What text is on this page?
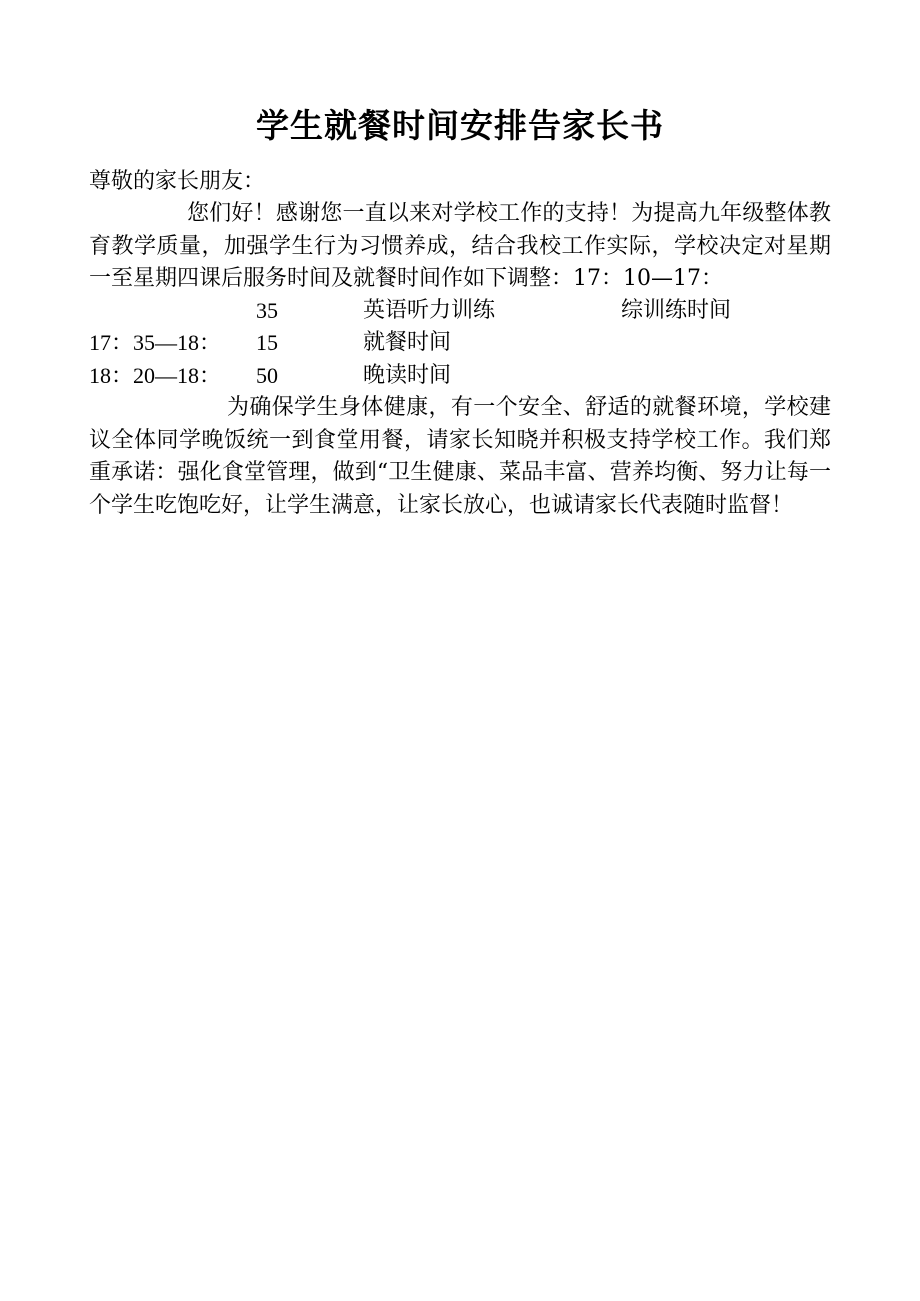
学生就餐时间安排告家长书
尊敬的家长朋友：
您们好！感谢您一直以来对学校工作的支持！为提高九年级整体教育教学质量，加强学生行为习惯养成，结合我校工作实际，学校决定对星期一至星期四课后服务时间及就餐时间作如下调整：17：10—17：
35	英语听力训练	综训练时间
17：35—18： 15	就餐时间
18：20—18： 50	晚读时间
为确保学生身体健康，有一个安全、舒适的就餐环境，学校建议全体同学晚饭统一到食堂用餐，请家长知晓并积极支持学校工作。我们郑重承诺：强化食堂管理，做到“卫生健康、菜品丰富、营养均衡、努力让每一个学生吃饱吃好，让学生满意，让家长放心，也诚请家长代表随时监督！
